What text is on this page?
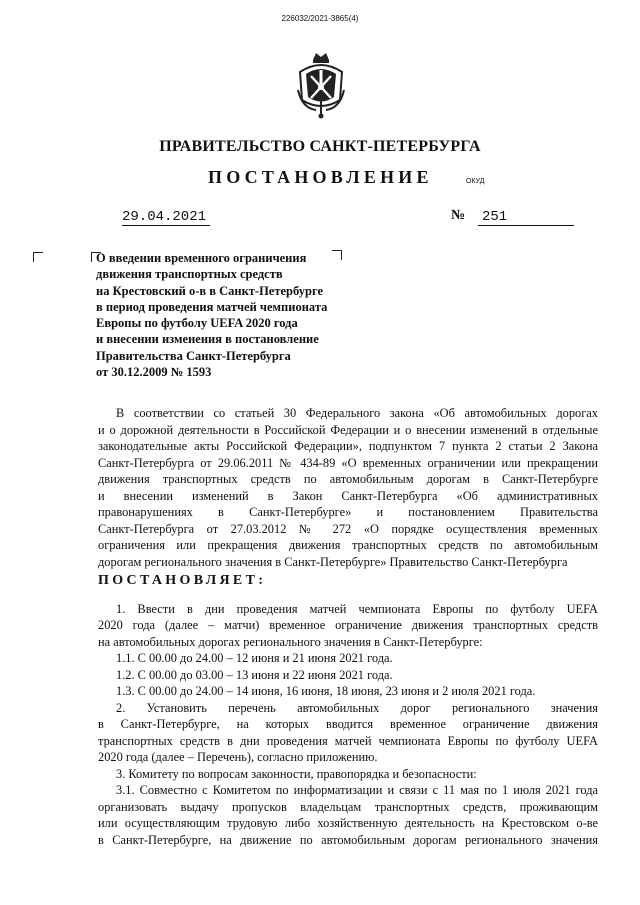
226032/2021-3865(4)
ПРАВИТЕЛЬСТВО САНКТ-ПЕТЕРБУРГА
ПОСТАНОВЛЕНИЕ	ОКУД
29.04.2021	№ 251
О введении временного ограничения
движения транспортных средств
на Крестовский о-в в Санкт-Петербурге
в период проведения матчей чемпионата
Европы по футболу UEFA 2020 года
и внесении изменения в постановление
Правительства Санкт-Петербурга
от 30.12.2009 № 1593
В соответствии со статьей 30 Федерального закона «Об автомобильных дорогах
и о дорожной деятельности в Российской Федерации и о внесении изменений в отдельные
законодательные акты Российской Федерации», подпунктом 7 пункта 2 статьи 2 Закона
Санкт-Петербурга от 29.06.2011 № 434-89 «О временных ограничении или прекращении
движения транспортных средств по автомобильным дорогам в Санкт-Петербурге
и внесении изменений в Закон Санкт-Петербурга «Об административных
правонарушениях в Санкт-Петербурге» и постановлением Правительства
Санкт-Петербурга от 27.03.2012 № 272 «О порядке осуществления временных
ограничения или прекращения движения транспортных средств по автомобильным
дорогам регионального значения в Санкт-Петербурге» Правительство Санкт-Петербурга
ПОСТАНОВЛЯЕТ:
1. Ввести в дни проведения матчей чемпионата Европы по футболу UEFA
2020 года (далее – матчи) временное ограничение движения транспортных средств
на автомобильных дорогах регионального значения в Санкт-Петербурге:
1.1. С 00.00 до 24.00 – 12 июня и 21 июня 2021 года.
1.2. С 00.00 до 03.00 – 13 июня и 22 июня 2021 года.
1.3. С 00.00 до 24.00 – 14 июня, 16 июня, 18 июня, 23 июня и 2 июля 2021 года.
2. Установить перечень автомобильных дорог регионального значения
в Санкт-Петербурге, на которых вводится временное ограничение движения
транспортных средств в дни проведения матчей чемпионата Европы по футболу UEFA
2020 года (далее – Перечень), согласно приложению.
3. Комитету по вопросам законности, правопорядка и безопасности:
3.1. Совместно с Комитетом по информатизации и связи с 11 мая по 1 июля 2021 года
организовать выдачу пропусков владельцам транспортных средств, проживающим
или осуществляющим трудовую либо хозяйственную деятельность на Крестовском о-ве
в Санкт-Петербурге, на движение по автомобильным дорогам регионального значения
